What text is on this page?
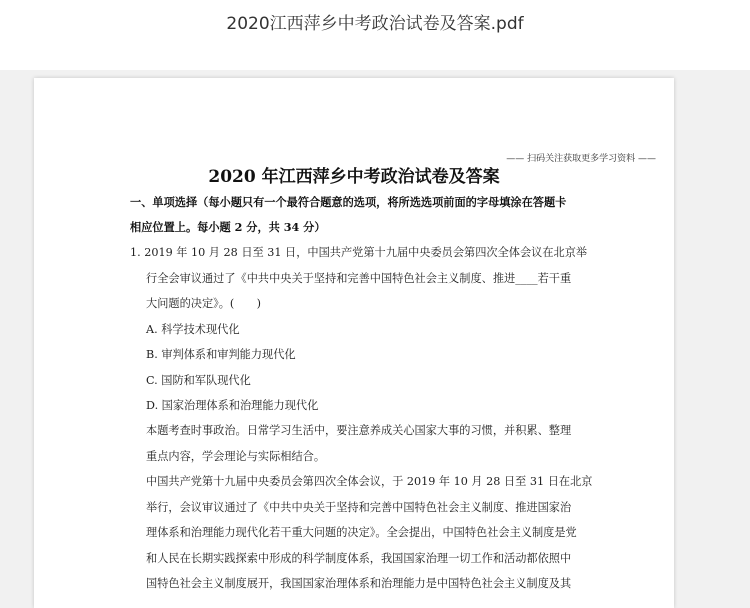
2020江西萍乡中考政治试卷及答案.pdf
—— 扫码关注获取更多学习资料 ——
2020 年江西萍乡中考政治试卷及答案
一、单项选择（每小题只有一个最符合题意的选项，将所选选项前面的字母填涂在答题卡
相应位置上。每小题 2 分，共 34 分）
1. 2019 年 10 月 28 日至 31 日，中国共产党第十九届中央委员会第四次全体会议在北京举
行全会审议通过了《中共中央关于坚持和完善中国特色社会主义制度、推进____若干重
大问题的决定》。(　　)
A. 科学技术现代化
B. 审判体系和审判能力现代化
C. 国防和军队现代化
D. 国家治理体系和治理能力现代化
本题考查时事政治。日常学习生活中，要注意养成关心国家大事的习惯，并积累、整理
重点内容，学会理论与实际相结合。
中国共产党第十九届中央委员会第四次全体会议，于 2019 年 10 月 28 日至 31 日在北京
举行，会议审议通过了《中共中央关于坚持和完善中国特色社会主义制度、推进国家治
理体系和治理能力现代化若干重大问题的决定》。全会提出，中国特色社会主义制度是党
和人民在长期实践探索中形成的科学制度体系，我国国家治理一切工作和活动都依照中
国特色社会主义制度展开，我国国家治理体系和治理能力是中国特色社会主义制度及其
